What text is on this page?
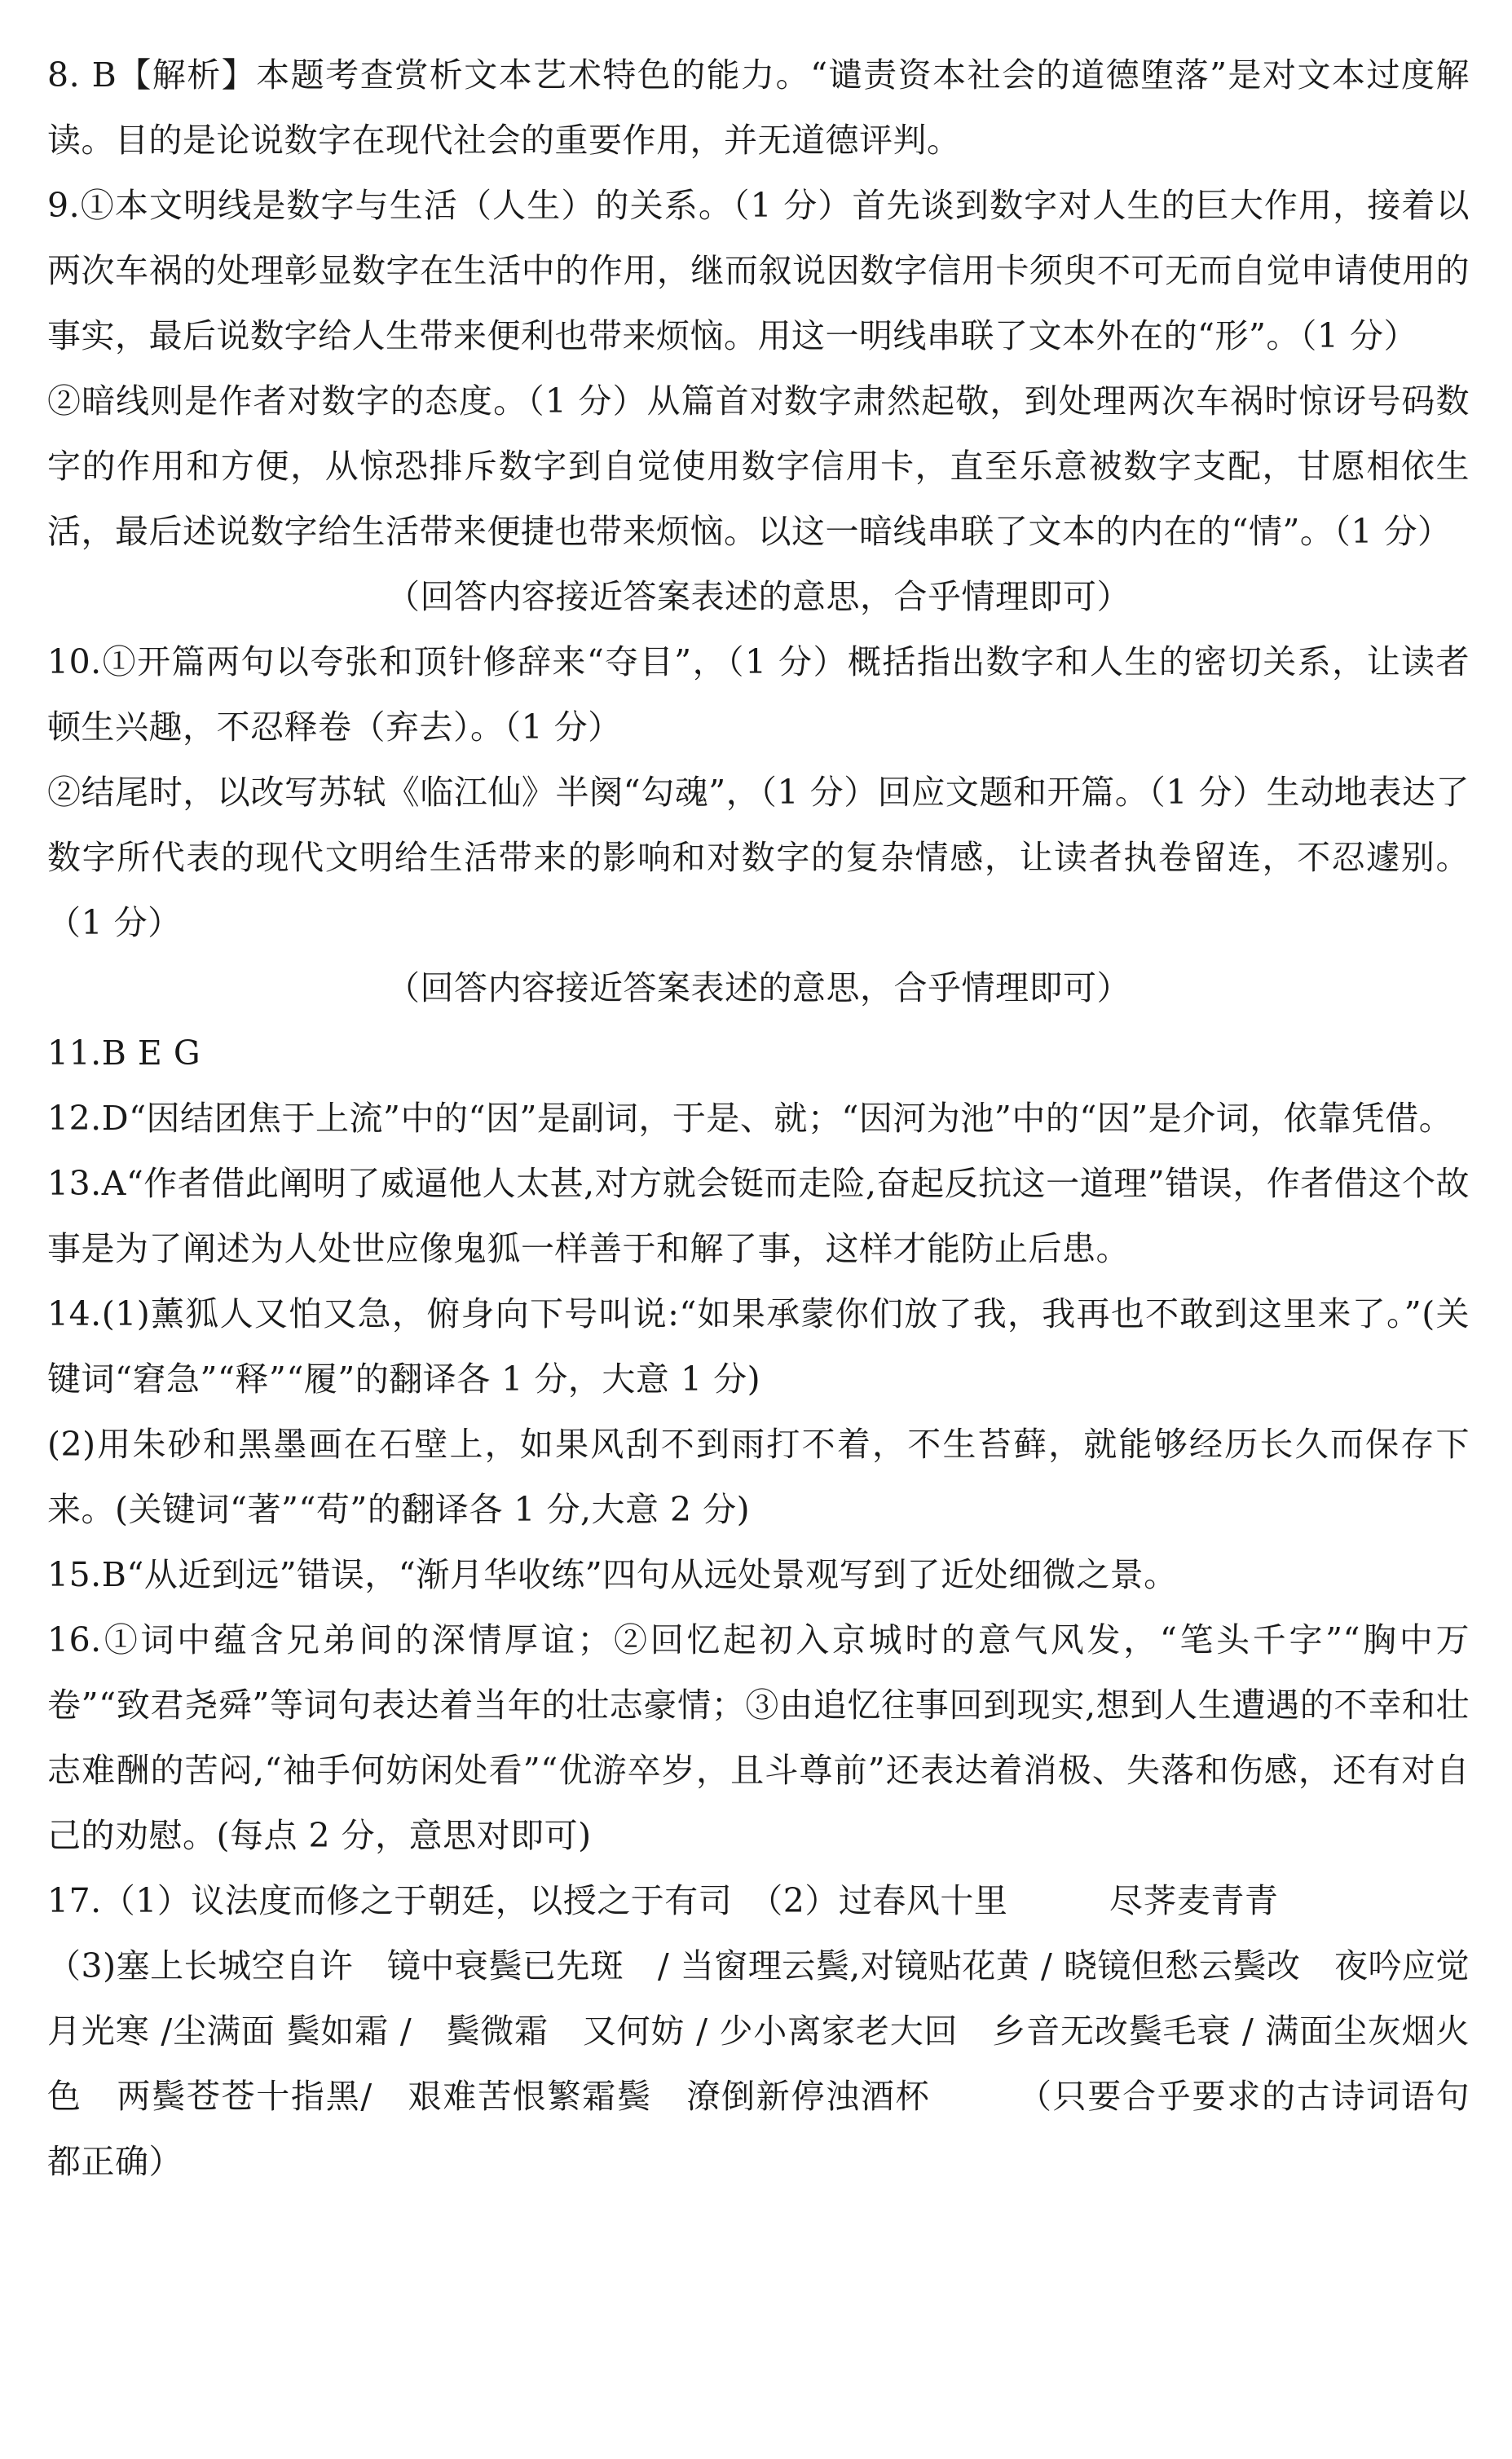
8. B【解析】本题考查赏析文本艺术特色的能力。“谴责资本社会的道德堕落”是对文本过度解读。目的是论说数字在现代社会的重要作用，并无道德评判。

9.①本文明线是数字与生活（人生）的关系。（1 分）首先谈到数字对人生的巨大作用，接着以两次车祸的处理彰显数字在生活中的作用，继而叙说因数字信用卡须臾不可无而自觉申请使用的事实，最后说数字给人生带来便利也带来烦恼。用这一明线串联了文本外在的“形”。（1 分）

②暗线则是作者对数字的态度。（1 分）从篇首对数字肃然起敬，到处理两次车祸时惊讶号码数字的作用和方便，从惊恐排斥数字到自觉使用数字信用卡，直至乐意被数字支配，甘愿相依生活，最后述说数字给生活带来便捷也带来烦恼。以这一暗线串联了文本的内在的“情”。（1 分）

（回答内容接近答案表述的意思，合乎情理即可）

10.①开篇两句以夸张和顶针修辞来“夺目”，（1 分）概括指出数字和人生的密切关系，让读者顿生兴趣，不忍释卷（弃去）。（1 分）

②结尾时，以改写苏轼《临江仙》半阕“勾魂”，（1 分）回应文题和开篇。（1 分）生动地表达了数字所代表的现代文明给生活带来的影响和对数字的复杂情感，让读者执卷留连，不忍遽别。（1 分）

（回答内容接近答案表述的意思，合乎情理即可）

11.B E G

12.D“因结团焦于上流”中的“因”是副词，于是、就；“因河为池”中的“因”是介词，依靠凭借。

13.A“作者借此阐明了威逼他人太甚,对方就会铤而走险,奋起反抗这一道理”错误，作者借这个故事是为了阐述为人处世应像鬼狐一样善于和解了事，这样才能防止后患。

14.(1)薰狐人又怕又急，俯身向下号叫说:“如果承蒙你们放了我，我再也不敢到这里来了。”(关键词“窘急”“释”“履”的翻译各 1 分，大意 1 分)

(2)用朱砂和黑墨画在石壁上，如果风刮不到雨打不着，不生苔藓，就能够经历长久而保存下来。(关键词“著”“苟”的翻译各 1 分,大意 2 分)

15.B“从近到远”错误，“渐月华收练”四句从远处景观写到了近处细微之景。

16.①词中蕴含兄弟间的深情厚谊；②回忆起初入京城时的意气风发，“笔头千字”“胸中万卷”“致君尧舜”等词句表达着当年的壮志豪情；③由追忆往事回到现实,想到人生遭遇的不幸和壮志难酬的苦闷,“袖手何妨闲处看”“优游卒岁，且斗尊前”还表达着消极、失落和伤感，还有对自己的劝慰。(每点 2 分，意思对即可)

17.（1）议法度而修之于朝廷，以授之于有司　（2）过春风十里　　　尽荠麦青青

（3)塞上长城空自许　镜中衰鬓已先斑　/ 当窗理云鬓,对镜贴花黄 / 晓镜但愁云鬓改　夜吟应觉月光寒 /尘满面 鬓如霜 /　鬓微霜　又何妨 / 少小离家老大回　乡音无改鬓毛衰 / 满面尘灰烟火色　两鬓苍苍十指黑/　艰难苦恨繁霜鬓　潦倒新停浊酒杯　　　（只要合乎要求的古诗词语句　都正确）
